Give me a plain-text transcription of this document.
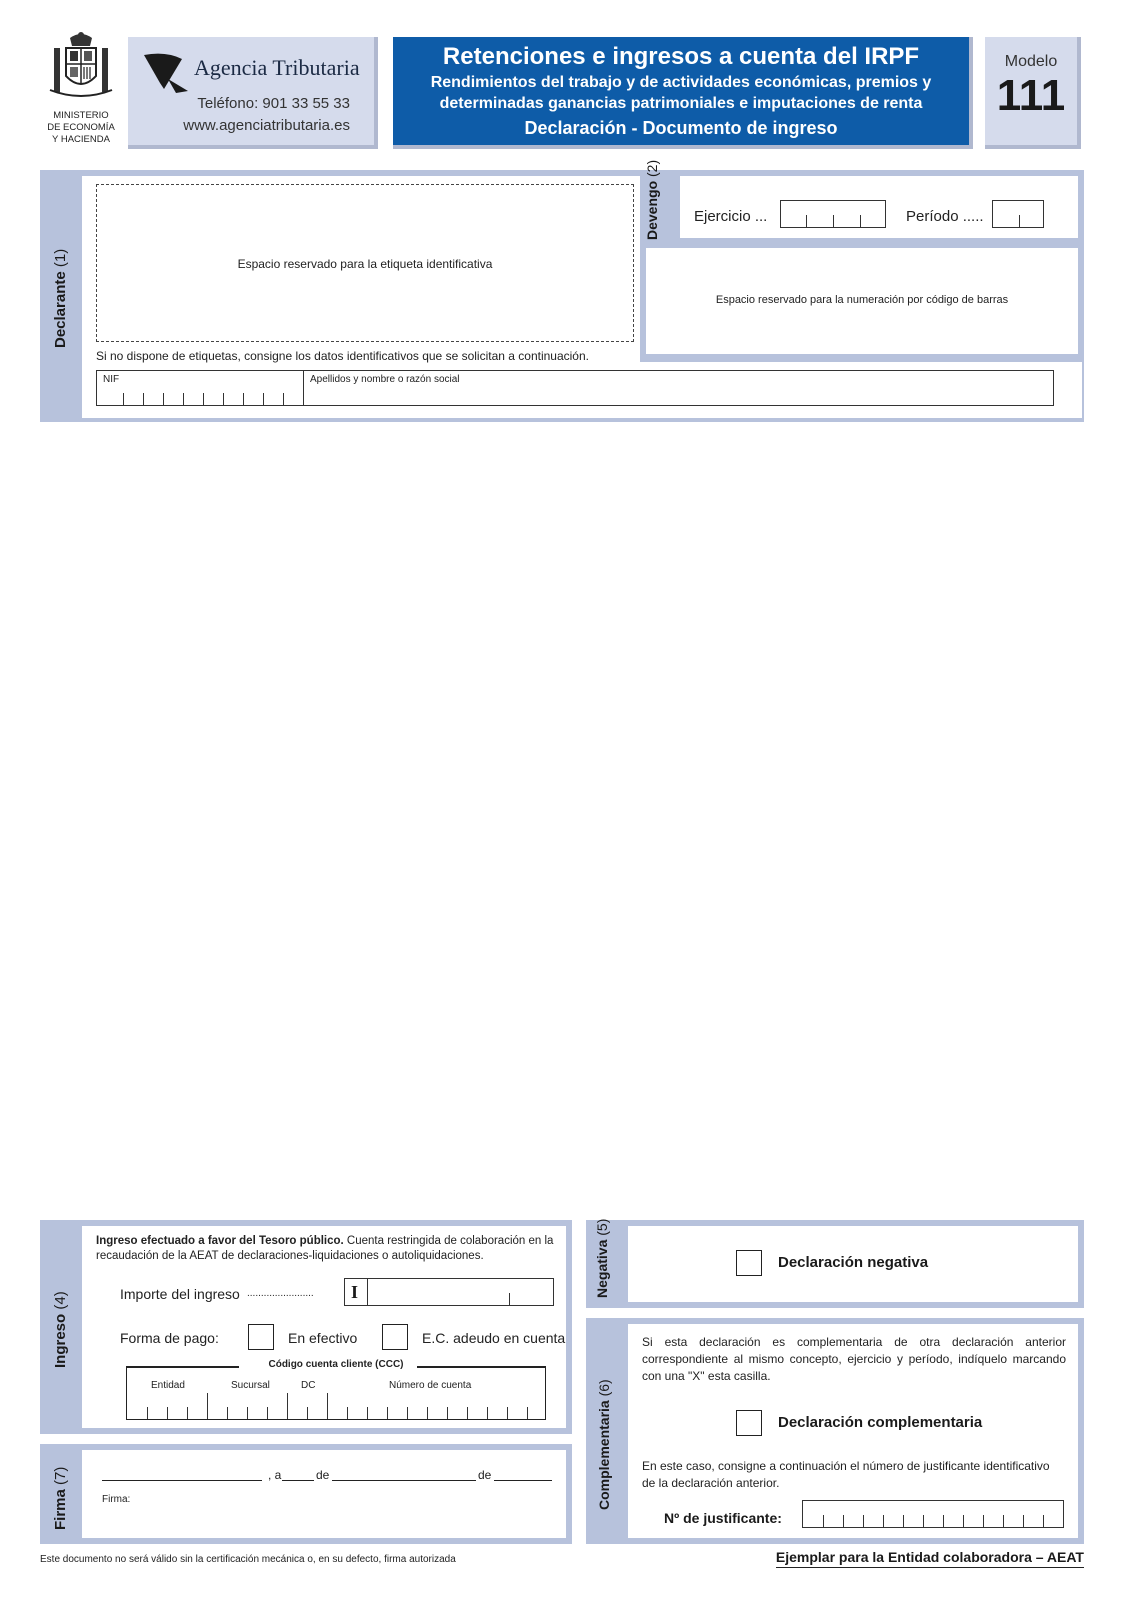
MINISTERIO
DE ECONOMÍA
Y HACIENDA
Agencia Tributaria
Teléfono: 901 33 55 33
www.agenciatributaria.es
Retenciones e ingresos a cuenta del IRPF
Rendimientos del trabajo y de actividades económicas, premios y
determinadas ganancias patrimoniales e imputaciones de renta
Declaración - Documento de ingreso
Modelo
111
Declarante (1)	Espacio reservado para la etiqueta identificativa
Si no dispone de etiquetas, consigne los datos identificativos que se solicitan a continuación.
NIF	Apellidos y nombre o razón social
Devengo (2)
Ejercicio ...	Período .....
Espacio reservado para la numeración por código de barras
Ingreso (4)
Ingreso efectuado a favor del Tesoro público. Cuenta restringida de colaboración en la recaudación de la AEAT de declaraciones-liquidaciones o autoliquidaciones.
Importe del ingreso ........................ I
Forma de pago:	En efectivo	E.C. adeudo en cuenta
Código cuenta cliente (CCC)
Entidad	Sucursal	DC	Número de cuenta
Firma (7)	, a	de	de
Firma:
Negativa (5)
Declaración negativa
Complementaria (6)
Si esta declaración es complementaria de otra declaración anterior correspondiente al mismo concepto, ejercicio y período, indíquelo marcando con una "X" esta casilla.
Declaración complementaria
En este caso, consigne a continuación el número de justificante identificativo de la declaración anterior.
Nº de justificante:
Este documento no será válido sin la certificación mecánica o, en su defecto, firma autorizada	Ejemplar para la Entidad colaboradora – AEAT
